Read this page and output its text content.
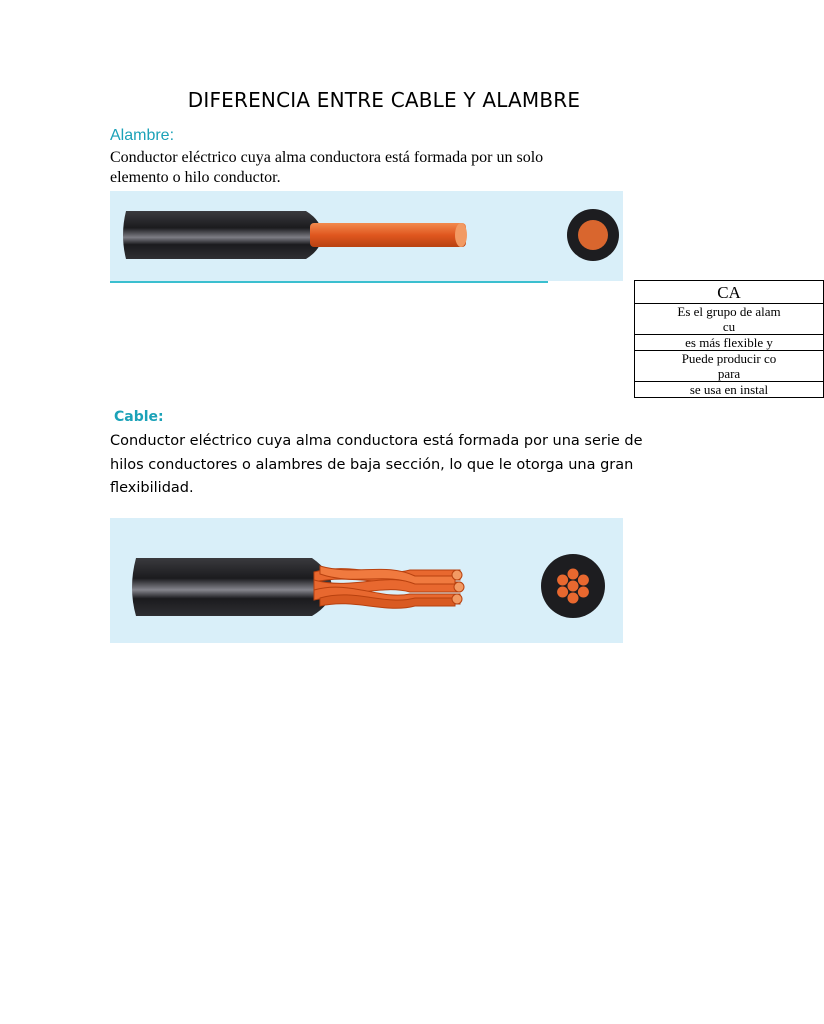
DIFERENCIA ENTRE CABLE Y ALAMBRE
Alambre:
Conductor eléctrico cuya alma conductora está formada por un solo
elemento o hilo conductor.
CA

Es el grupo de alam
cu

es más flexible y

Puede producir co
para

se usa en instal
Cable:
Conductor eléctrico cuya alma conductora está formada por una serie de
hilos conductores o alambres de baja sección, lo que le otorga una gran
flexibilidad.
